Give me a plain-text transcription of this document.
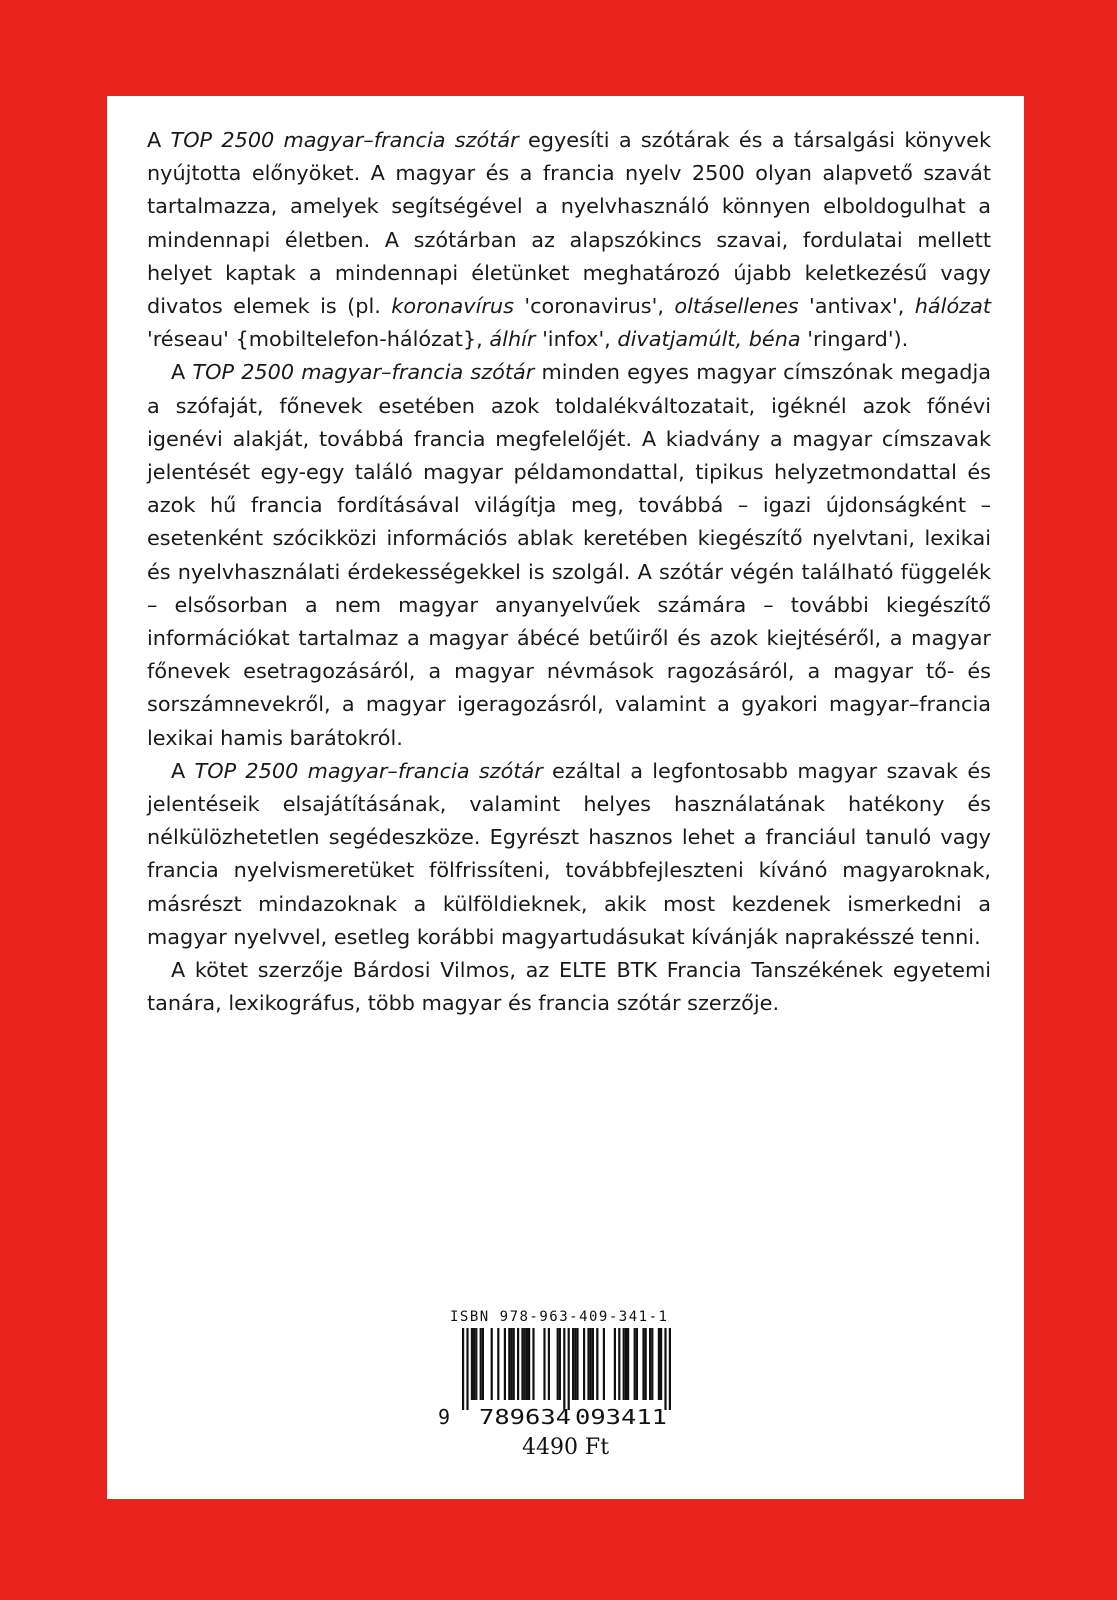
A TOP 2500 magyar–francia szótár egyesíti a szótárak és a társalgási könyvek nyújtotta előnyöket. A magyar és a francia nyelv 2500 olyan alapvető szavát tartalmazza, amelyek segítségével a nyelvhasználó könnyen elboldogulhat a mindennapi életben. A szótárban az alapszókincs szavai, fordulatai mellett helyet kaptak a mindennapi életünket meghatározó újabb keletkezésű vagy divatos elemek is (pl. koronavírus 'coronavirus', oltásellenes 'antivax', hálózat 'réseau' {mobiltelefon-hálózat}, álhír 'infox', divatjamúlt, béna 'ringard').

A TOP 2500 magyar–francia szótár minden egyes magyar címszónak megadja a szófaját, főnevek esetében azok toldalékváltozatait, igéknél azok főnévi igenévi alakját, továbbá francia megfelelőjét. A kiadvány a magyar címszavak jelentését egy-egy találó magyar példamondattal, tipikus helyzetmondattal és azok hű francia fordításával világítja meg, továbbá – igazi újdonságként – esetenként szócikközi információs ablak keretében kiegészítő nyelvtani, lexikai és nyelvhasználati érdekességekkel is szolgál. A szótár végén található függelék – elsősorban a nem magyar anyanyelvűek számára – további kiegészítő információkat tartalmaz a magyar ábécé betűiről és azok kiejtéséről, a magyar főnevek esetragozásáról, a magyar névmások ragozásáról, a magyar tő- és sorszámnevekről, a magyar igeragozásról, valamint a gyakori magyar–francia lexikai hamis barátokról.

A TOP 2500 magyar–francia szótár ezáltal a legfontosabb magyar szavak és jelentéseik elsajátításának, valamint helyes használatának hatékony és nélkülözhetetlen segédeszköze. Egyrészt hasznos lehet a franciául tanuló vagy francia nyelvismeretüket fölfrissíteni, továbbfejleszteni kívánó magyaroknak, másrészt mindazoknak a külföldieknek, akik most kezdenek ismerkedni a magyar nyelvvel, esetleg korábbi magyartudásukat kívánják naprakésszé tenni.

A kötet szerzője Bárdosi Vilmos, az ELTE BTK Francia Tanszékének egyetemi tanára, lexikográfus, több magyar és francia szótár szerzője.

ISBN 978-963-409-341-1
9 789634 093411
4490 Ft
